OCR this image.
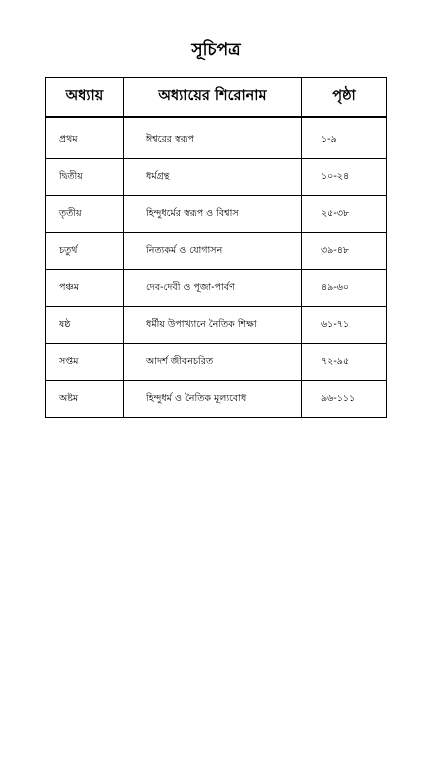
সূচিপত্র
অধ্যায়	অধ্যায়ের শিরোনাম	পৃষ্ঠা
প্রথম	ঈশ্বরের স্বরূপ	১-৯
দ্বিতীয়	ধর্মগ্রন্থ	১০-২৪
তৃতীয়	হিন্দুধর্মের স্বরূপ ও বিশ্বাস	২৫-৩৮
চতুর্থ	নিত্যকর্ম ও যোগাসন	৩৯-৪৮
পঞ্চম	দেব-দেবী ও পূজা-পার্বণ	৪৯-৬০
ষষ্ঠ	ধর্মীয় উপাখ্যানে নৈতিক শিক্ষা	৬১-৭১
সপ্তম	আদর্শ জীবনচরিত	৭২-৯৫
অষ্টম	হিন্দুধর্ম ও নৈতিক মূল্যবোধ	৯৬-১১১
